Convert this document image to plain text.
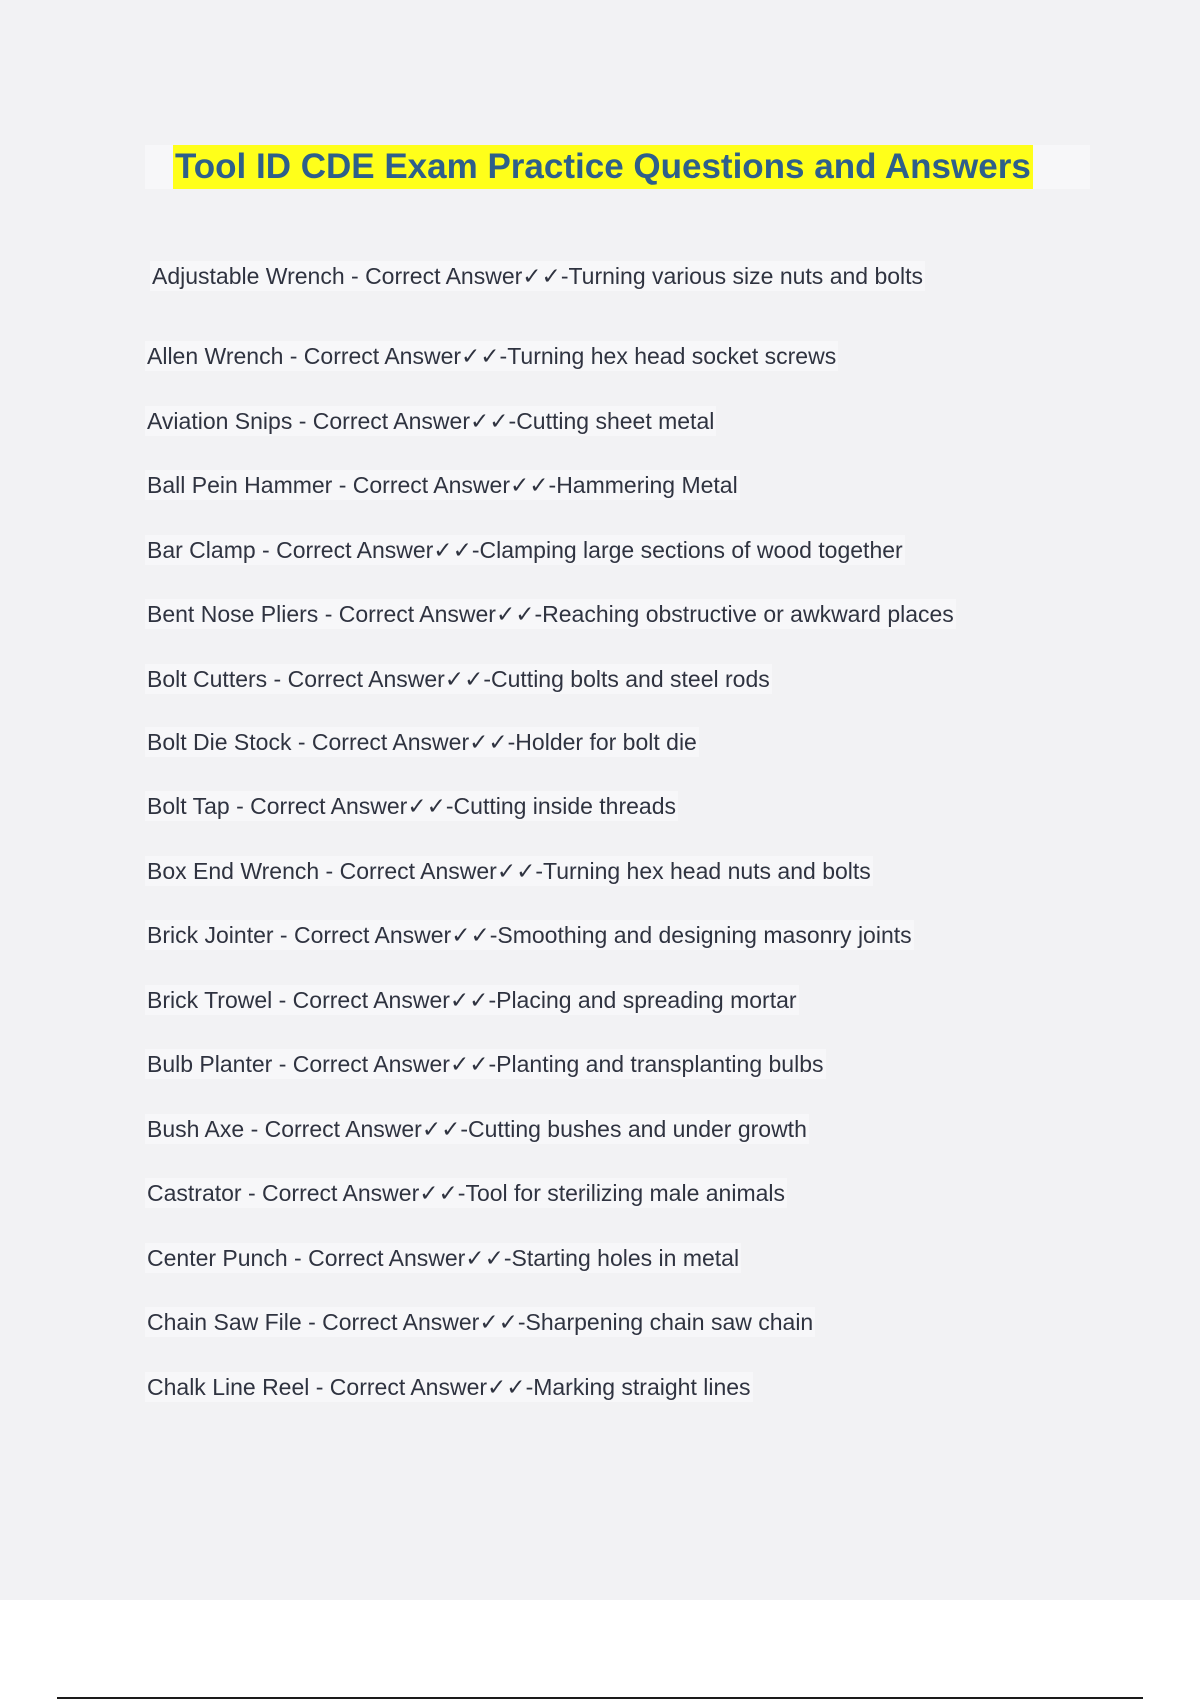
Tool ID CDE Exam Practice Questions and Answers
Adjustable Wrench - Correct Answer✓✓-Turning various size nuts and bolts
Allen Wrench - Correct Answer✓✓-Turning hex head socket screws
Aviation Snips - Correct Answer✓✓-Cutting sheet metal
Ball Pein Hammer - Correct Answer✓✓-Hammering Metal
Bar Clamp - Correct Answer✓✓-Clamping large sections of wood together
Bent Nose Pliers - Correct Answer✓✓-Reaching obstructive or awkward places
Bolt Cutters - Correct Answer✓✓-Cutting bolts and steel rods
Bolt Die Stock - Correct Answer✓✓-Holder for bolt die
Bolt Tap - Correct Answer✓✓-Cutting inside threads
Box End Wrench - Correct Answer✓✓-Turning hex head nuts and bolts
Brick Jointer - Correct Answer✓✓-Smoothing and designing masonry joints
Brick Trowel - Correct Answer✓✓-Placing and spreading mortar
Bulb Planter - Correct Answer✓✓-Planting and transplanting bulbs
Bush Axe - Correct Answer✓✓-Cutting bushes and under growth
Castrator - Correct Answer✓✓-Tool for sterilizing male animals
Center Punch - Correct Answer✓✓-Starting holes in metal
Chain Saw File - Correct Answer✓✓-Sharpening chain saw chain
Chalk Line Reel - Correct Answer✓✓-Marking straight lines
